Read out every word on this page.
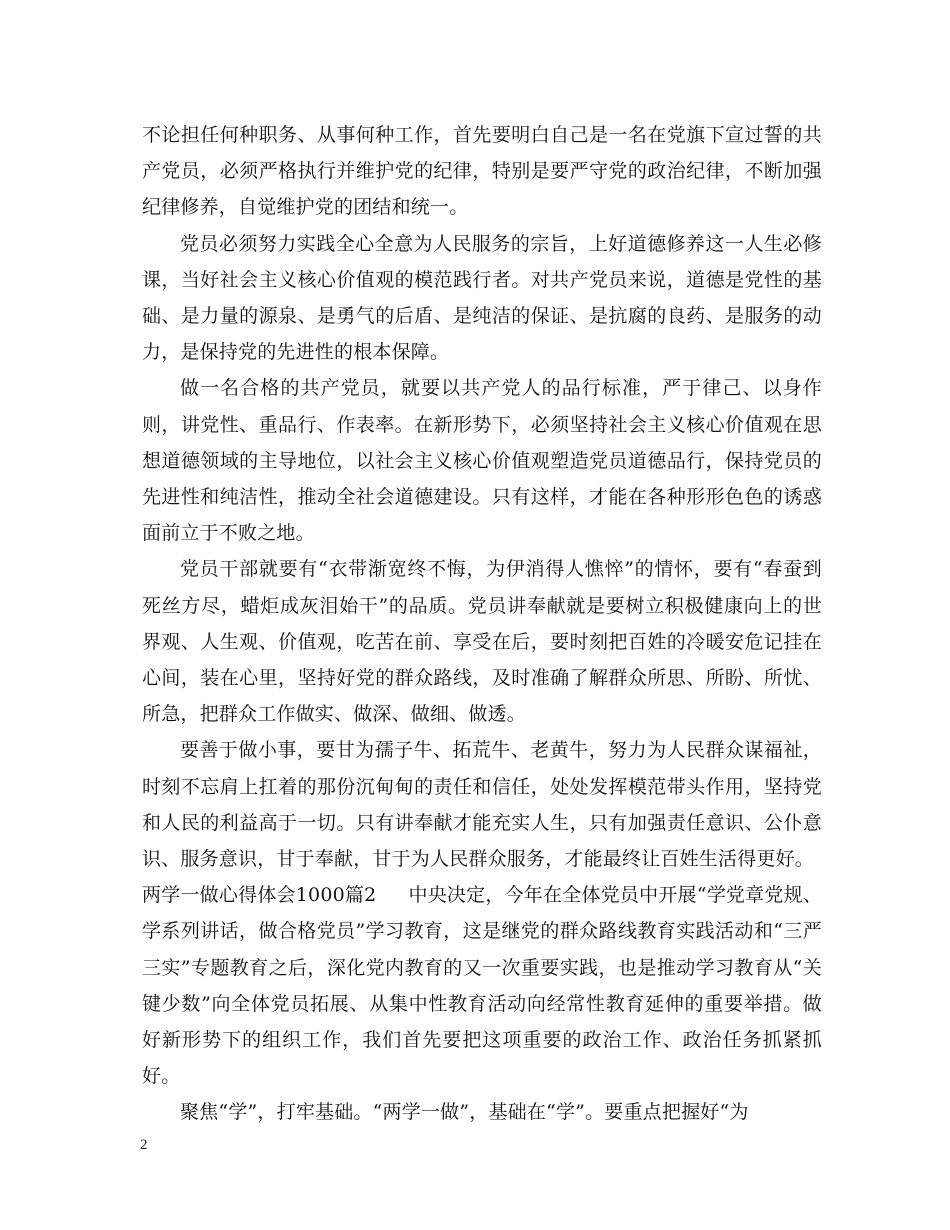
不论担任何种职务、从事何种工作，首先要明白自己是一名在党旗下宣过誓的共产党员，必须严格执行并维护党的纪律，特别是要严守党的政治纪律，不断加强纪律修养，自觉维护党的团结和统一。

党员必须努力实践全心全意为人民服务的宗旨，上好道德修养这一人生必修课，当好社会主义核心价值观的模范践行者。对共产党员来说，道德是党性的基础、是力量的源泉、是勇气的后盾、是纯洁的保证、是抗腐的良药、是服务的动力，是保持党的先进性的根本保障。

做一名合格的共产党员，就要以共产党人的品行标准，严于律己、以身作则，讲党性、重品行、作表率。在新形势下，必须坚持社会主义核心价值观在思想道德领域的主导地位，以社会主义核心价值观塑造党员道德品行，保持党员的先进性和纯洁性，推动全社会道德建设。只有这样，才能在各种形形色色的诱惑面前立于不败之地。

党员干部就要有“衣带渐宽终不悔，为伊消得人憔悴”的情怀，要有“春蚕到死丝方尽，蜡炬成灰泪始干”的品质。党员讲奉献就是要树立积极健康向上的世界观、人生观、价值观，吃苦在前、享受在后，要时刻把百姓的冷暖安危记挂在心间，装在心里，坚持好党的群众路线，及时准确了解群众所思、所盼、所忧、所急，把群众工作做实、做深、做细、做透。

要善于做小事，要甘为孺子牛、拓荒牛、老黄牛，努力为人民群众谋福祉，时刻不忘肩上扛着的那份沉甸甸的责任和信任，处处发挥模范带头作用，坚持党和人民的利益高于一切。只有讲奉献才能充实人生，只有加强责任意识、公仆意识、服务意识，甘于奉献，甘于为人民群众服务，才能最终让百姓生活得更好。

两学一做心得体会1000篇2 中央决定，今年在全体党员中开展“学党章党规、学系列讲话，做合格党员”学习教育，这是继党的群众路线教育实践活动和“三严三实”专题教育之后，深化党内教育的又一次重要实践，也是推动学习教育从“关键少数”向全体党员拓展、从集中性教育活动向经常性教育延伸的重要举措。做好新形势下的组织工作，我们首先要把这项重要的政治工作、政治任务抓紧抓好。

聚焦“学”，打牢基础。“两学一做”，基础在“学”。要重点把握好“为

2
